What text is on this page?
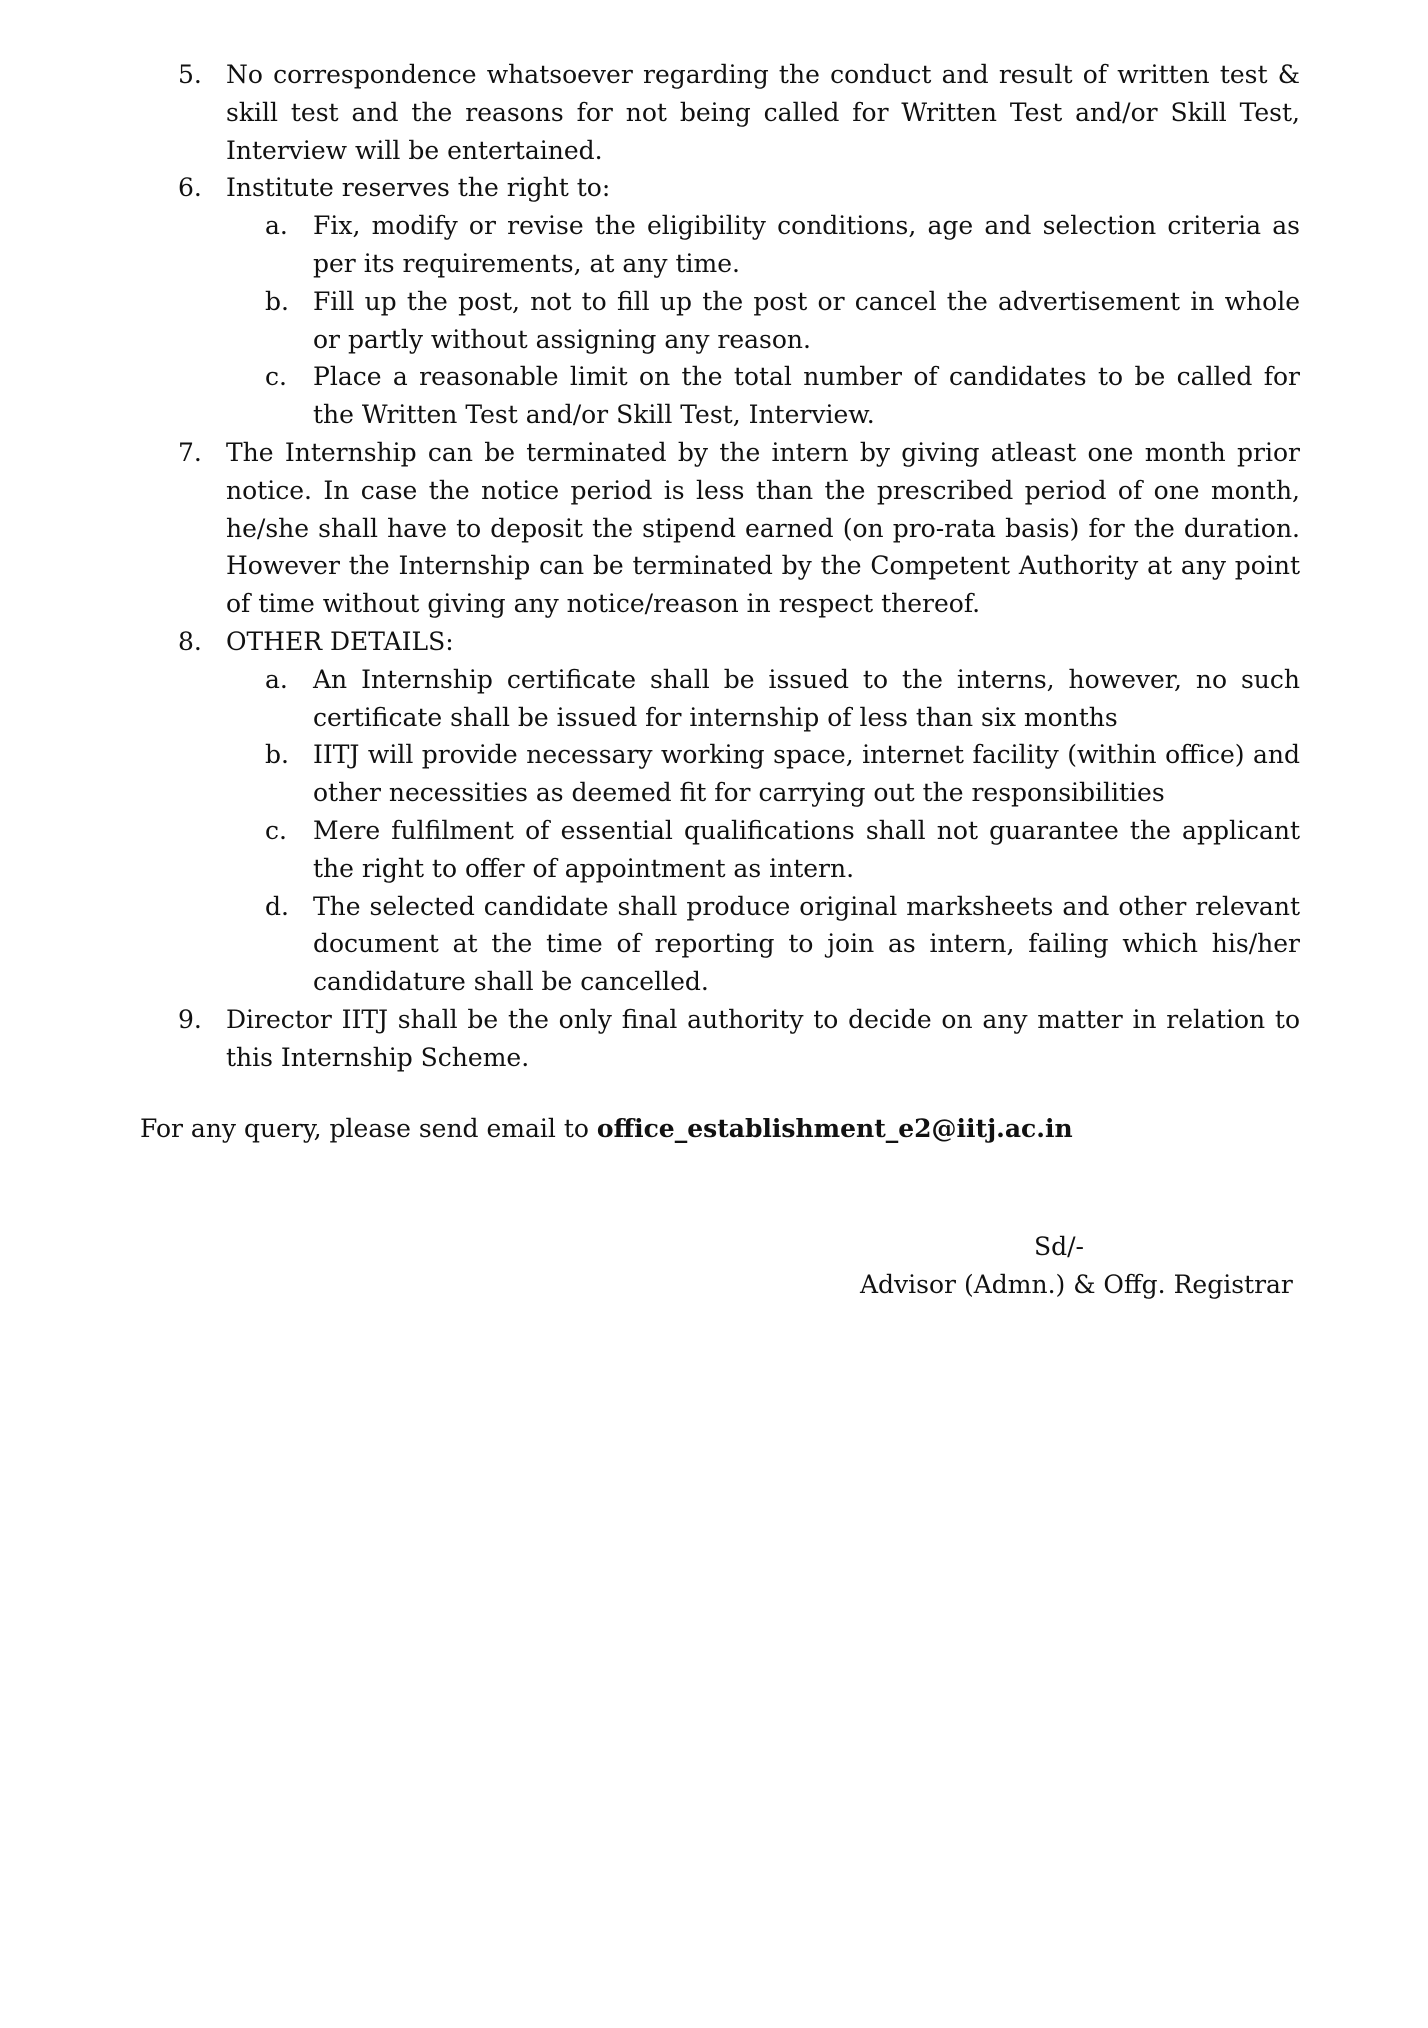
5. No correspondence whatsoever regarding the conduct and result of written test & skill test and the reasons for not being called for Written Test and/or Skill Test, Interview will be entertained.
6. Institute reserves the right to:
a.	Fix, modify or revise the eligibility conditions, age and selection criteria as per its requirements, at any time.
b. Fill up the post, not to fill up the post or cancel the advertisement in whole or partly without assigning any reason.
c.	Place a reasonable limit on the total number of candidates to be called for the Written Test and/or Skill Test, Interview.
7. The Internship can be terminated by the intern by giving atleast one month prior notice. In case the notice period is less than the prescribed period of one month, he/she shall have to deposit the stipend earned (on pro-rata basis) for the duration. However the Internship can be terminated by the Competent Authority at any point of time without giving any notice/reason in respect thereof.
8. OTHER DETAILS:
a.	An Internship certificate shall be issued to the interns, however, no such certificate shall be issued for internship of less than six months
b. IITJ will provide necessary working space, internet facility (within office) and other necessities as deemed fit for carrying out the responsibilities
c.	Mere fulfilment of essential qualifications shall not guarantee the applicant the right to offer of appointment as intern.
d. The selected candidate shall produce original marksheets and other relevant document at the time of reporting to join as intern, failing which his/her candidature shall be cancelled.
9. Director IITJ shall be the only final authority to decide on any matter in relation to this Internship Scheme.
For any query, please send email to office_establishment_e2@iitj.ac.in
Sd/-
Advisor (Admn.) & Offg. Registrar
